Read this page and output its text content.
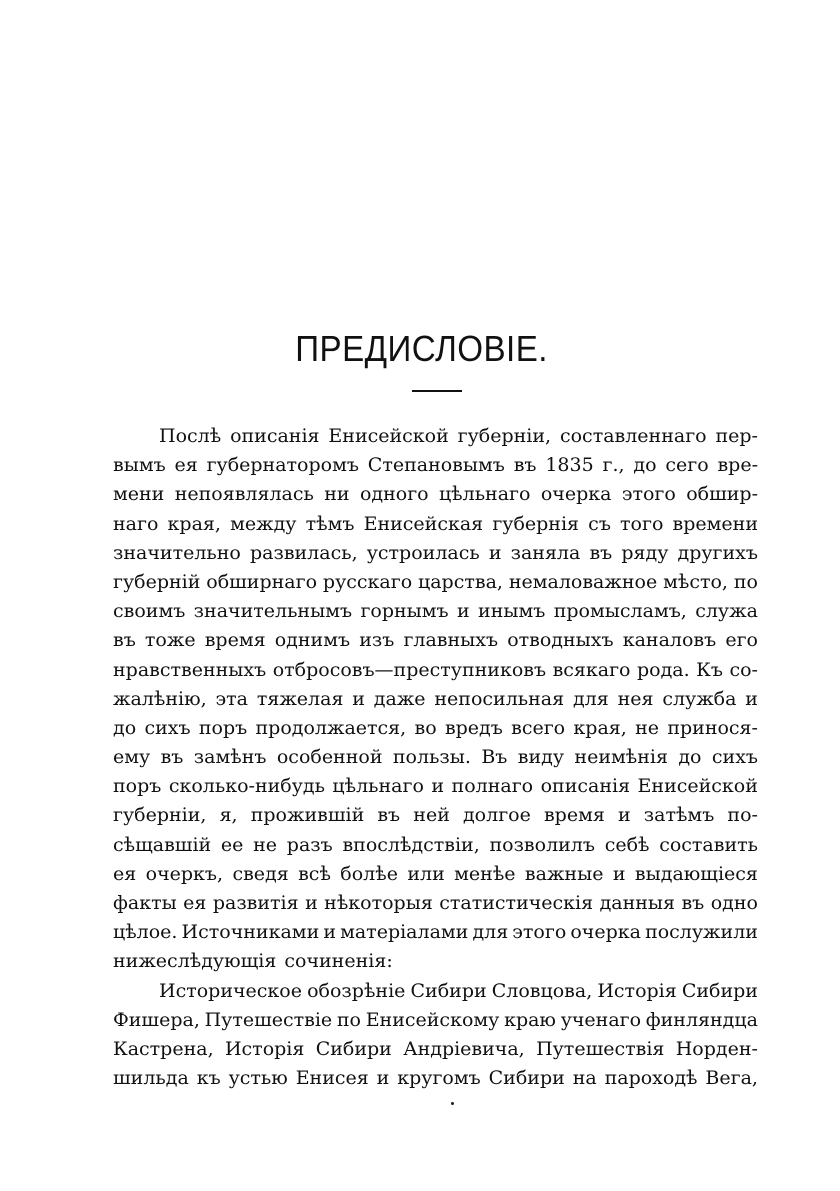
ПРЕДИСЛОВІЕ.
Послѣ описанія Енисейской губерніи, составленнаго пер-
вымъ ея губернаторомъ Степановымъ въ 1835 г., до сего вре-
мени непоявлялась ни одного цѣльнаго очерка этого обшир-
наго края, между тѣмъ Енисейская губернія съ того времени
значительно развилась, устроилась и заняла въ ряду другихъ
губерній обширнаго русскаго царства, немаловажное мѣсто, по
своимъ значительнымъ горнымъ и инымъ промысламъ, служа
въ тоже время однимъ изъ главныхъ отводныхъ каналовъ его
нравственныхъ отбросовъ—преступниковъ всякаго рода. Къ со-
жалѣнію, эта тяжелая и даже непосильная для нея служба и
до сихъ поръ продолжается, во вредъ всего края, не принося-
ему въ замѣнъ особенной пользы. Въ виду неимѣнія до сихъ
поръ сколько-нибудь цѣльнаго и полнаго описанія Енисейской
губерніи, я, прожившій въ ней долгое время и затѣмъ по-
сѣщавшій ее не разъ впослѣдствіи, позволилъ себѣ составить
ея очеркъ, сведя всѣ болѣе или менѣе важные и выдающіеся
факты ея развитія и нѣкоторыя статистическія данныя въ одно
цѣлое. Источниками и матеріалами для этого очерка послужили
нижеслѣдующія сочиненія:
Историческое обозрѣніе Сибири Словцова, Исторія Сибири
Фишера, Путешествіе по Енисейскому краю ученаго финляндца
Кастрена, Исторія Сибири Андріевича, Путешествія Норден-
шильда къ устью Енисея и кругомъ Сибири на пароходѣ Вега,
